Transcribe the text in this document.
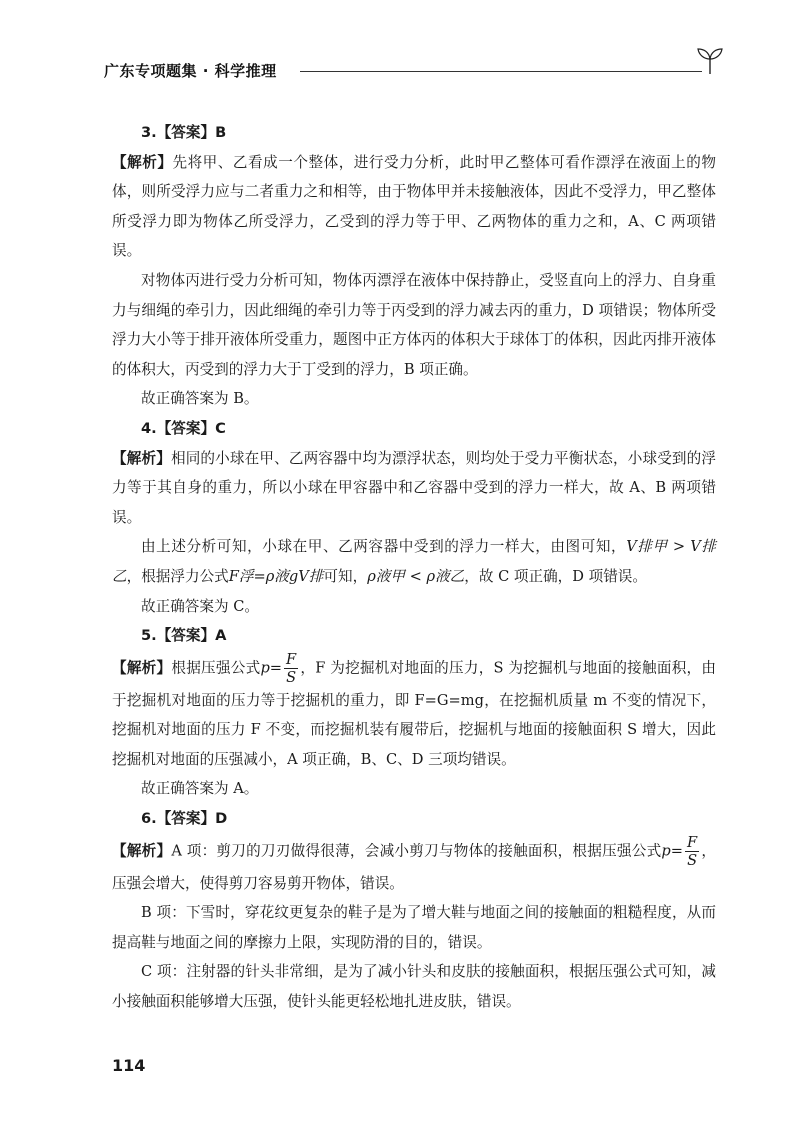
广东专项题集 · 科学推理

3.【答案】B

【解析】先将甲、乙看成一个整体，进行受力分析，此时甲乙整体可看作漂浮在液面上的物体，则所受浮力应与二者重力之和相等，由于物体甲并未接触液体，因此不受浮力，甲乙整体所受浮力即为物体乙所受浮力，乙受到的浮力等于甲、乙两物体的重力之和，A、C 两项错误。

对物体丙进行受力分析可知，物体丙漂浮在液体中保持静止，受竖直向上的浮力、自身重力与细绳的牵引力，因此细绳的牵引力等于丙受到的浮力减去丙的重力，D 项错误；物体所受浮力大小等于排开液体所受重力，题图中正方体丙的体积大于球体丁的体积，因此丙排开液体的体积大，丙受到的浮力大于丁受到的浮力，B 项正确。

故正确答案为 B。

4.【答案】C

【解析】相同的小球在甲、乙两容器中均为漂浮状态，则均处于受力平衡状态，小球受到的浮力等于其自身的重力，所以小球在甲容器中和乙容器中受到的浮力一样大，故 A、B 两项错误。

由上述分析可知，小球在甲、乙两容器中受到的浮力一样大，由图可知，V排甲 > V排乙，根据浮力公式F浮=ρ液gV排可知，ρ液甲 < ρ液乙，故 C 项正确，D 项错误。

故正确答案为 C。

5.【答案】A

【解析】根据压强公式$p= \frac{F}{S}$ ，F 为挖掘机对地面的压力，S 为挖掘机与地面的接触面积，由于挖掘机对地面的压力等于挖掘机的重力，即 F=G=mg，在挖掘机质量 m 不变的情况下，挖掘机对地面的压力 F 不变，而挖掘机装有履带后，挖掘机与地面的接触面积 S 增大，因此挖掘机对地面的压强减小，A 项正确，B、C、D 三项均错误。

故正确答案为 A。

6.【答案】D

【解析】A 项：剪刀的刀刃做得很薄，会减小剪刀与物体的接触面积，根据压强公式$p= \frac{F}{S}$ ，压强会增大，使得剪刀容易剪开物体，错误。

B 项：下雪时，穿花纹更复杂的鞋子是为了增大鞋与地面之间的接触面的粗糙程度，从而提高鞋与地面之间的摩擦力上限，实现防滑的目的，错误。

C 项：注射器的针头非常细，是为了减小针头和皮肤的接触面积，根据压强公式可知，减小接触面积能够增大压强，使针头能更轻松地扎进皮肤，错误。

114
